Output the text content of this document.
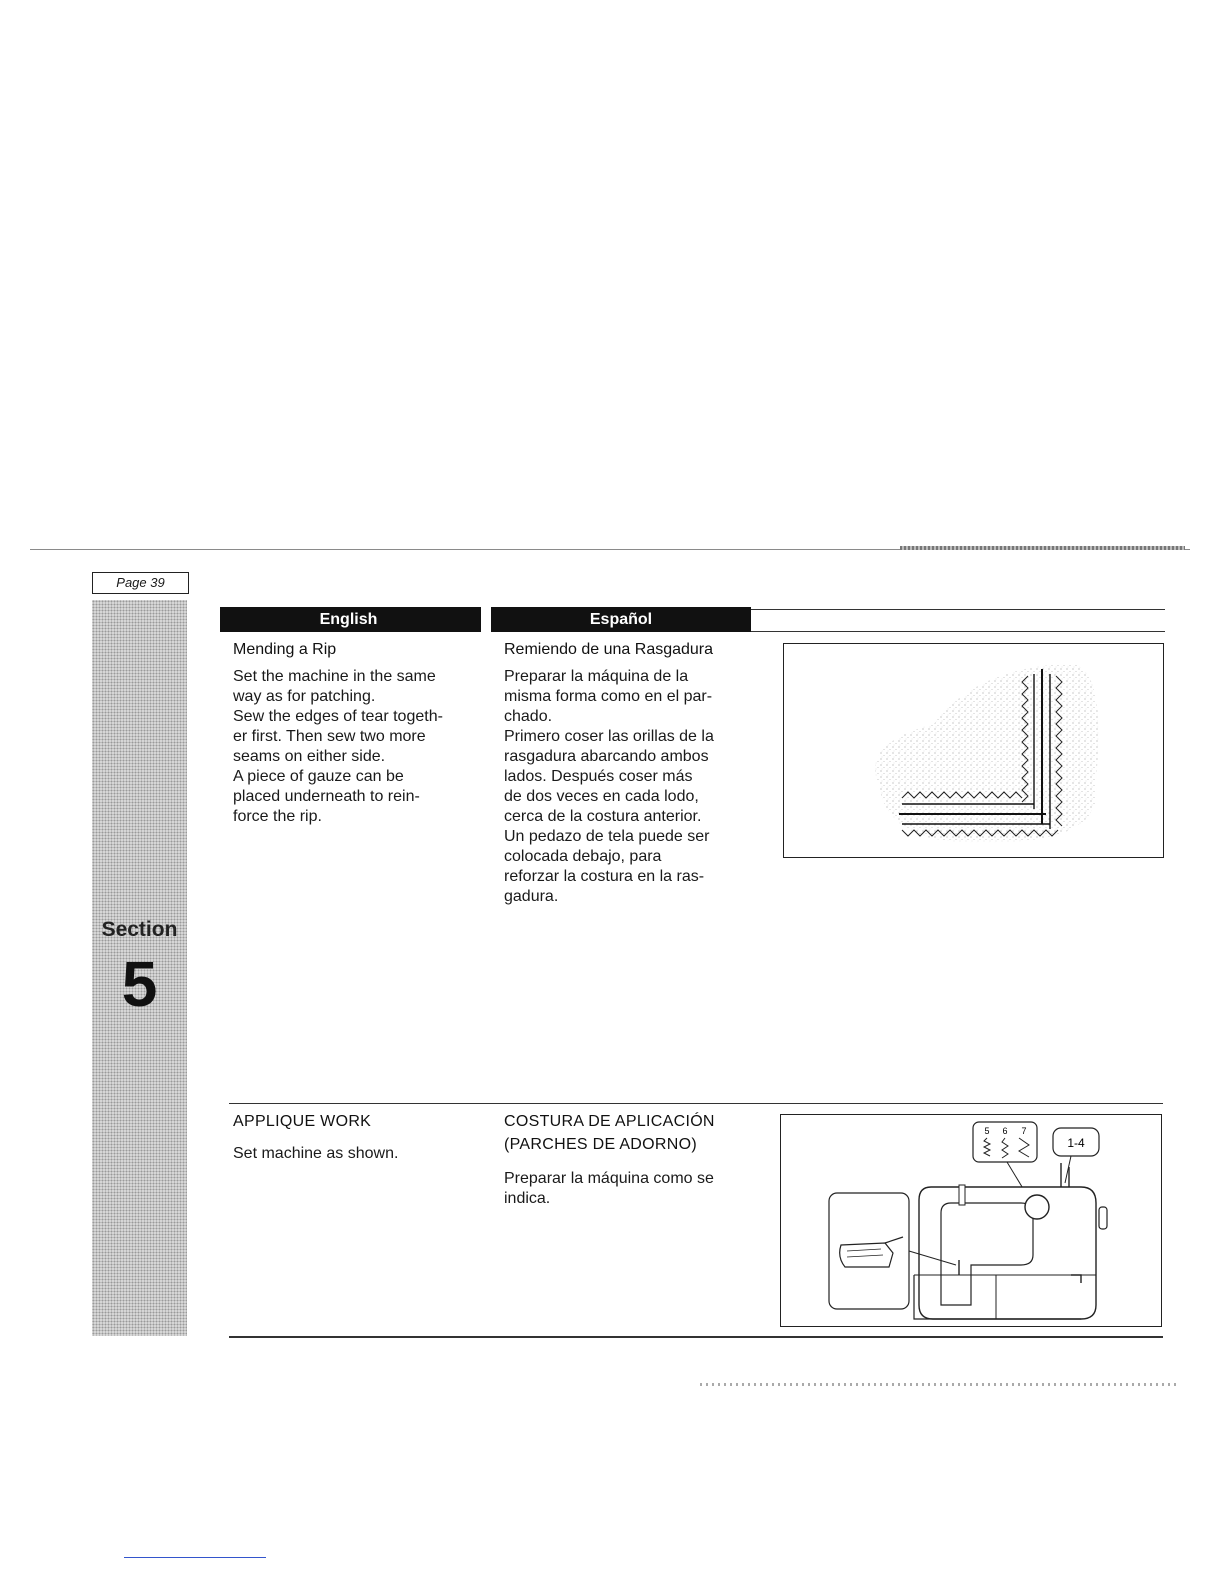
Page 39
Section
5
English	Español
Mending a Rip
Set the machine in the same
way as for patching.
Sew the edges of tear togeth-
er first. Then sew two more
seams on either side.
A piece of gauze can be
placed underneath to rein-
force the rip.
Remiendo de una Rasgadura
Preparar la máquina de la
misma forma como en el par-
chado.
Primero coser las orillas de la
rasgadura abarcando ambos
lados. Después coser más
de dos veces en cada lodo,
cerca de la costura anterior.
Un pedazo de tela puede ser
colocada debajo, para
reforzar la costura en la ras-
gadura.
APPLIQUE WORK
Set machine as shown.
COSTURA DE APLICACIÓN
(PARCHES DE ADORNO)
Preparar la máquina como se
indica.
5 6 7
1-4
